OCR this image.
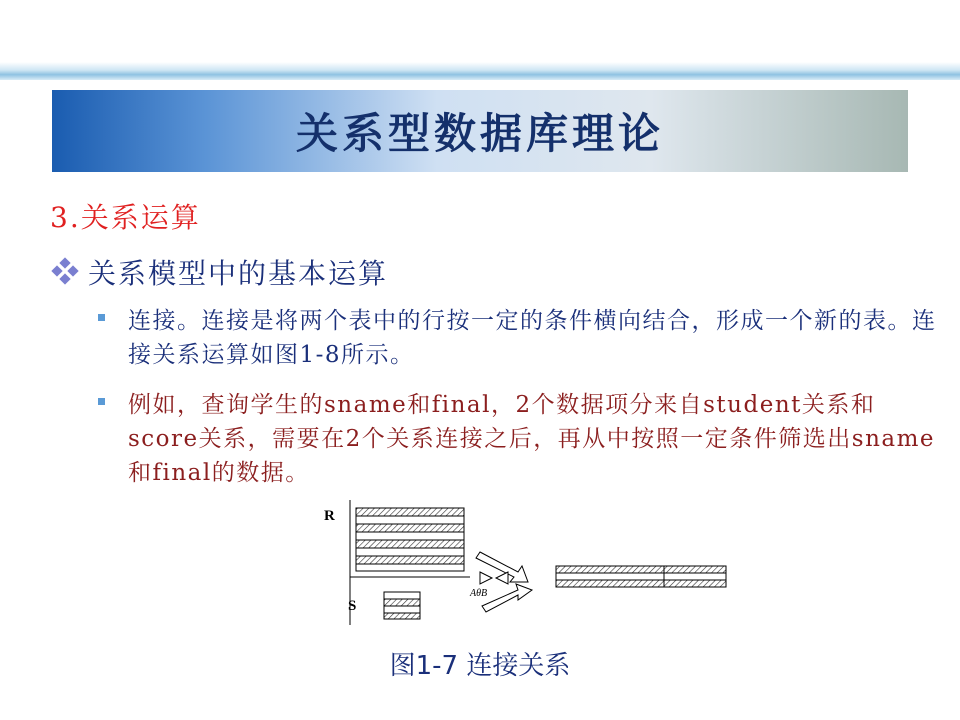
关系型数据库理论
3.关系运算
关系模型中的基本运算
连接。连接是将两个表中的行按一定的条件横向结合，形成一个新的表。连接关系运算如图1-8所示。
例如，查询学生的sname和final，2个数据项分来自student关系和score关系，需要在2个关系连接之后，再从中按照一定条件筛选出sname和final的数据。
R
S
AθB
图1-7 连接关系
